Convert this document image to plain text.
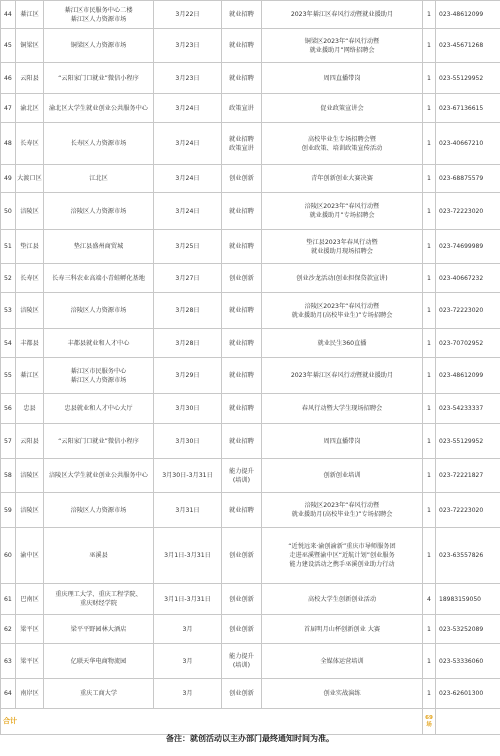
44	綦江区	綦江区市民服务中心二楼
綦江区人力资源市场	3月22日	就业招聘	2023年綦江区春风行动暨就业援助月	1	023-48612099
45	铜梁区	铜梁区人力资源市场	3月23日	就业招聘	铜梁区2023年“春风行动暨
就业援助月”网络招聘会	1	023-45671268
46	云阳县	“云阳家门口就业”微信小程序	3月23日	就业招聘	周四直播带岗	1	023-55129952
47	渝北区	渝北区大学生就业创业公共服务中心	3月24日	政策宣讲	促业政策宣讲会	1	023-67136615
48	长寿区	长寿区人力资源市场	3月24日	就业招聘
政策宣讲	高校毕业生专场招聘会暨
创业政策、培训政策宣传活动	1	023-40667210
49	大渡口区	江北区	3月24日	创业创新	青年创新创业大赛决赛	1	023-68875579
50	涪陵区	涪陵区人力资源市场	3月24日	就业招聘	涪陵区2023年“春风行动暨
就业援助月”专场招聘会	1	023-72223020
51	垫江县	垫江县盛州商贸城	3月25日	就业招聘	垫江县2023年春风行动暨
就业援助月现场招聘会	1	023-74699989
52	长寿区	长寿三科农业高端小青蛙孵化基地	3月27日	创业创新	创业沙龙活动(创业担保贷款宣讲)	1	023-40667232
53	涪陵区	涪陵区人力资源市场	3月28日	就业招聘	涪陵区2023年“春风行动暨
就业援助月(高校毕业生)”专场招聘会	1	023-72223020
54	丰都县	丰都县就业和人才中心	3月28日	就业招聘	就业民生360直播	1	023-70702952
55	綦江区	綦江区市民服务中心
綦江区人力资源市场	3月29日	就业招聘	2023年綦江区春风行动暨就业援助月	1	023-48612099
56	忠县	忠县就业和人才中心大厅	3月30日	就业招聘	春风行动暨大学生现场招聘会	1	023-54233337
57	云阳县	“云阳家门口就业”微信小程序	3月30日	就业招聘	周四直播带岗	1	023-55129952
58	涪陵区	涪陵区大学生就业创业公共服务中心	3月30日-3月31日	能力提升
(培训)	创新创业培训	1	023-72221827
59	涪陵区	涪陵区人力资源市场	3月31日	就业招聘	涪陵区2023年“春风行动暨
就业援助月(高校毕业生)”专场招聘会	1	023-72223020
60	渝中区	巫溪县	3月1日-3月31日	创业创新	“近悦远来·渝创渝新”重庆市导师服务团
走进巫溪暨渝中区“近航计划”创业服务
能力建设活动之携手巫溪创业助力行动	1	023-63557826
61	巴南区	重庆理工大学、重庆工程学院、
重庆财经学院	3月1日-3月31日	创业创新	高校大学生创新创业活动	4	18983159050
62	梁平区	梁平平野园林大酒店	3月	创业创新	首届明月山杯创新创业 大赛	1	023-53252089
63	梁平区	亿联天华电商物流园	3月	能力提升
(培训)	全媒体运营培训	1	023-53336060
64	南岸区	重庆工商大学	3月	创业创新	创业实战演练	1	023-62601300
合计						69场	
备注：就创活动以主办部门最终通知时间为准。
